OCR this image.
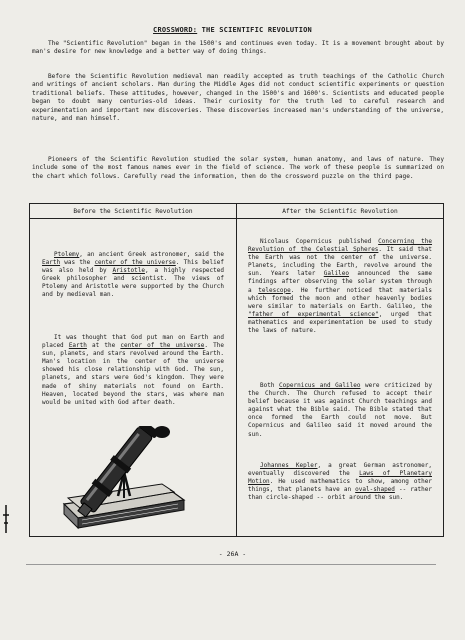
CROSSWORD: THE SCIENTIFIC REVOLUTION
The "Scientific Revolution" began in the 1500's and continues even today. It is a movement brought about by man's desire for new knowledge and a better way of doing things.
Before the Scientific Revolution medieval man readily accepted as truth teachings of the Catholic Church and writings of ancient scholars. Man during the Middle Ages did not conduct scientific experiments or question traditional beliefs. These attitudes, however, changed in the 1500's and 1600's. Scientists and educated people began to doubt many centuries-old ideas. Their curiosity for the truth led to careful research and experimentation and important new discoveries. These discoveries increased man's understanding of the universe, nature, and man himself.
Pioneers of the Scientific Revolution studied the solar system, human anatomy, and laws of nature. They include some of the most famous names ever in the field of science. The work of these people is summarized on the chart which follows. Carefully read the information, then do the crossword puzzle on the third page.
Before the Scientific Revolution	After the Scientific Revolution
Ptolemy, an ancient Greek astronomer, said the Earth was the center of the universe. This belief was also held by Aristotle, a highly respected Greek philosopher and scientist. The views of Ptolemy and Aristotle were supported by the Church and by medieval man.
It was thought that God put man on Earth and placed Earth at the center of the universe. The sun, planets, and stars revolved around the Earth. Man's location in the center of the universe showed his close relationship with God. The sun, planets, and stars were God's kingdom. They were made of shiny materials not found on Earth. Heaven, located beyond the stars, was where man would be united with God after death.
Nicolaus Copernicus published Concerning the Revolution of the Celestial Spheres. It said that the Earth was not the center of the universe. Planets, including the Earth, revolve around the sun. Years later Galileo announced the same findings after observing the solar system through a telescope. He further noticed that materials which formed the moon and other heavenly bodies were similar to materials on Earth. Galileo, the "father of experimental science", urged that mathematics and experimentation be used to study the laws of nature.
Both Copernicus and Galileo were criticized by the Church. The Church refused to accept their belief because it was against Church teachings and against what the Bible said. The Bible stated that once formed the Earth could not move. But Copernicus and Galileo said it moved around the sun.
Johannes Kepler, a great German astronomer, eventually discovered the Laws of Planetary Motion. He used mathematics to show, among other things, that planets have an oval-shaped -- rather than circle-shaped -- orbit around the sun.
- 26A -
